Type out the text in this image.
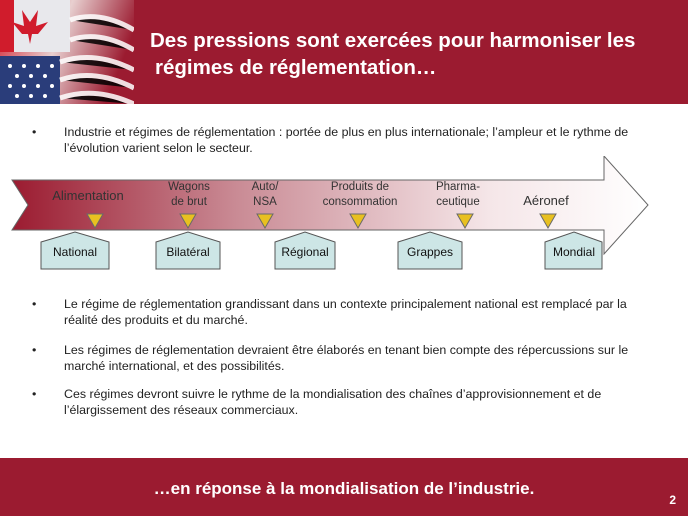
Des pressions sont exercées pour harmoniser les
régimes de réglementation…
• Industrie et régimes de réglementation : portée de plus en plus internationale; l’ampleur et le rythme de l’évolution varient selon le secteur.
Alimentation
Wagons
de brut
Auto/
NSA
Produits de
consommation
Pharma-
ceutique	Aéronef
National	Bilatéral	Régional	Grappes	Mondial
• Le régime de réglementation grandissant dans un contexte principalement national est remplacé par la réalité des produits et du marché.
• Les régimes de réglementation devraient être élaborés en tenant bien compte des répercussions sur le marché international, et des possibilités.
• Ces régimes devront suivre le rythme de la mondialisation des chaînes d’approvisionnement et de l’élargissement des réseaux commerciaux.
…en réponse à la mondialisation de l’industrie.
2
